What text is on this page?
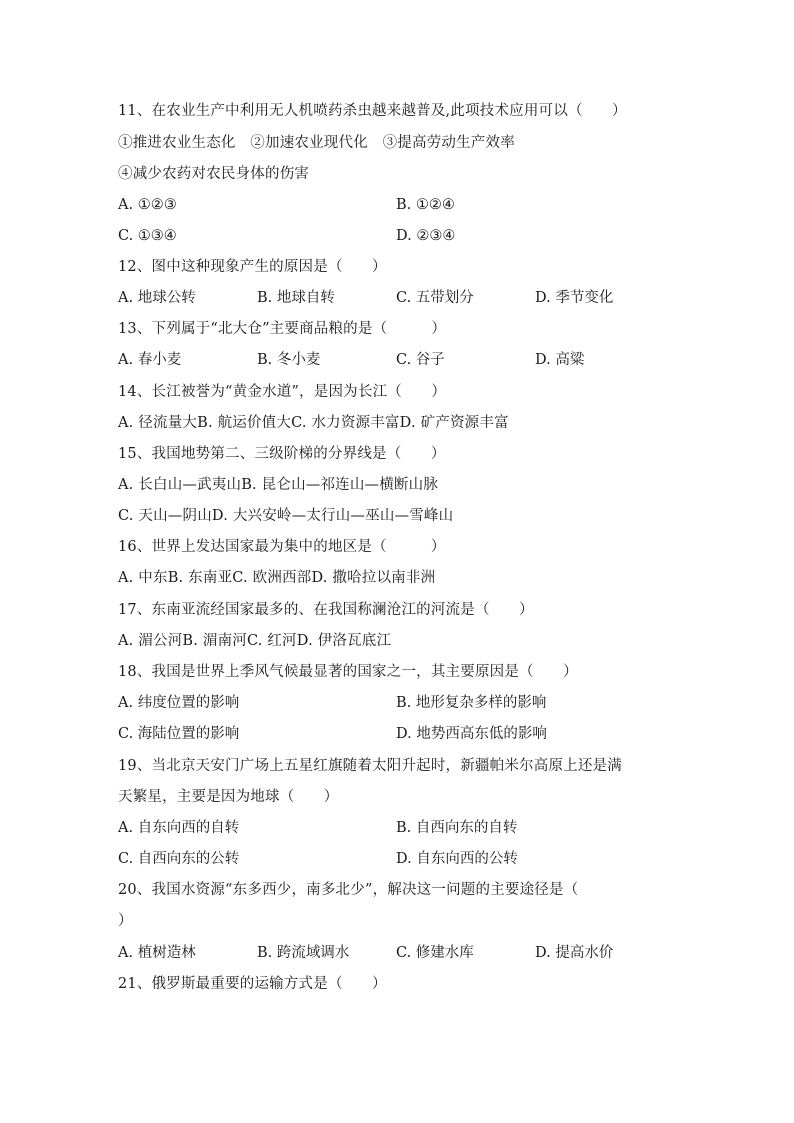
11、在农业生产中利用无人机喷药杀虫越来越普及,此项技术应用可以（　　）
①推进农业生态化　②加速农业现代化　③提高劳动生产效率
④减少农药对农民身体的伤害
A. ①②③	B. ①②④
C. ①③④	D. ②③④
12、图中这种现象产生的原因是（　　）
A. 地球公转	B. 地球自转	C. 五带划分	D. 季节变化
13、下列属于“北大仓”主要商品粮的是（　　　）
A. 春小麦	B. 冬小麦	C. 谷子	D. 高粱
14、长江被誉为“黄金水道”，是因为长江（　　）
A. 径流量大B. 航运价值大C. 水力资源丰富D. 矿产资源丰富
15、我国地势第二、三级阶梯的分界线是（　　）
A. 长白山—武夷山B. 昆仑山—祁连山—横断山脉
C. 天山—阴山D. 大兴安岭—太行山—巫山—雪峰山
16、世界上发达国家最为集中的地区是（　　　）
A. 中东B. 东南亚C. 欧洲西部D. 撒哈拉以南非洲
17、东南亚流经国家最多的、在我国称澜沧江的河流是（　　）
A. 湄公河B. 湄南河C. 红河D. 伊洛瓦底江
18、我国是世界上季风气候最显著的国家之一，其主要原因是（　　）
A. 纬度位置的影响	B. 地形复杂多样的影响
C. 海陆位置的影响	D. 地势西高东低的影响
19、当北京天安门广场上五星红旗随着太阳升起时，新疆帕米尔高原上还是满
天繁星，主要是因为地球（　　）
A. 自东向西的自转	B. 自西向东的自转
C. 自西向东的公转	D. 自东向西的公转
20、我国水资源“东多西少，南多北少”，解决这一问题的主要途径是（
）
A. 植树造林	B. 跨流域调水	C. 修建水库	D. 提高水价
21、俄罗斯最重要的运输方式是（　　）
